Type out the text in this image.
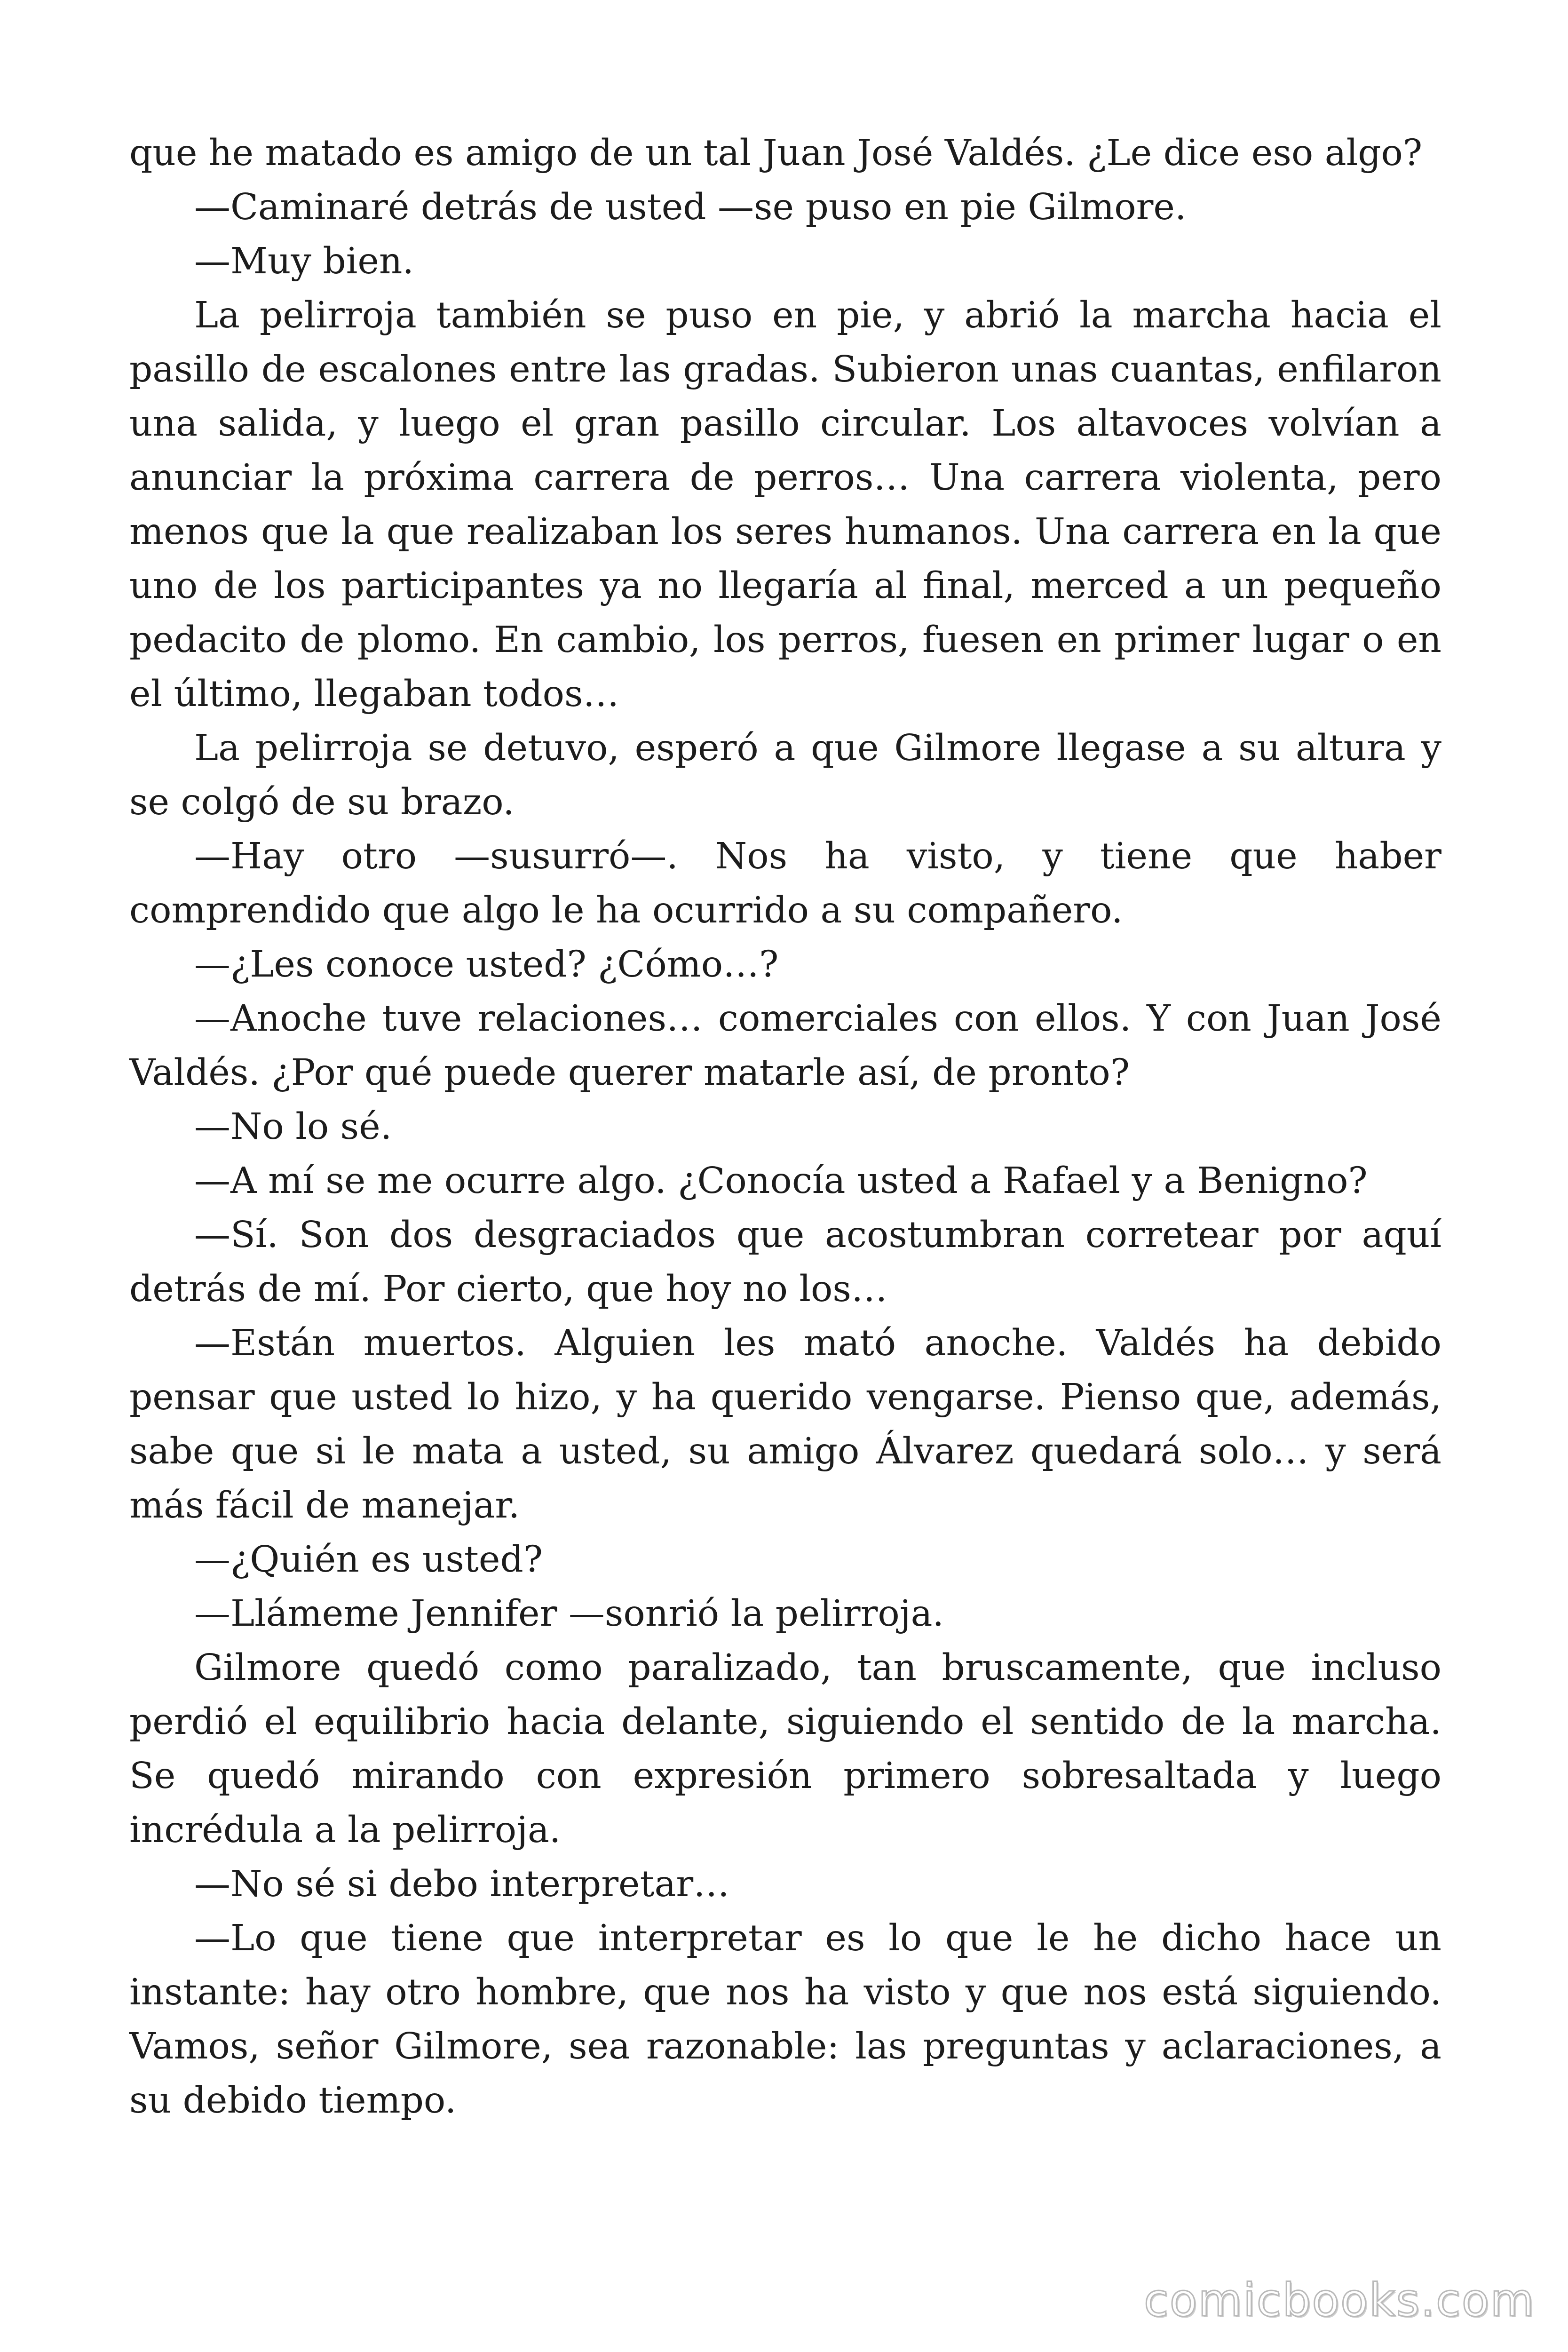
que he matado es amigo de un tal Juan José Valdés. ¿Le dice eso algo?

—Caminaré detrás de usted —se puso en pie Gilmore.

—Muy bien.

La pelirroja también se puso en pie, y abrió la marcha hacia el pasillo de escalones entre las gradas. Subieron unas cuantas, enfilaron una salida, y luego el gran pasillo circular. Los altavoces volvían a anunciar la próxima carrera de perros… Una carrera violenta, pero menos que la que realizaban los seres humanos. Una carrera en la que uno de los participantes ya no llegaría al final, merced a un pequeño pedacito de plomo. En cambio, los perros, fuesen en primer lugar o en el último, llegaban todos…

La pelirroja se detuvo, esperó a que Gilmore llegase a su altura y se colgó de su brazo.

—Hay otro —susurró—. Nos ha visto, y tiene que haber comprendido que algo le ha ocurrido a su compañero.

—¿Les conoce usted? ¿Cómo…?

—Anoche tuve relaciones… comerciales con ellos. Y con Juan José Valdés. ¿Por qué puede querer matarle así, de pronto?

—No lo sé.

—A mí se me ocurre algo. ¿Conocía usted a Rafael y a Benigno?

—Sí. Son dos desgraciados que acostumbran corretear por aquí detrás de mí. Por cierto, que hoy no los…

—Están muertos. Alguien les mató anoche. Valdés ha debido pensar que usted lo hizo, y ha querido vengarse. Pienso que, además, sabe que si le mata a usted, su amigo Álvarez quedará solo… y será más fácil de manejar.

—¿Quién es usted?

—Llámeme Jennifer —sonrió la pelirroja.

Gilmore quedó como paralizado, tan bruscamente, que incluso perdió el equilibrio hacia delante, siguiendo el sentido de la marcha. Se quedó mirando con expresión primero sobresaltada y luego incrédula a la pelirroja.

—No sé si debo interpretar…

—Lo que tiene que interpretar es lo que le he dicho hace un instante: hay otro hombre, que nos ha visto y que nos está siguiendo. Vamos, señor Gilmore, sea razonable: las preguntas y aclaraciones, a su debido tiempo.

comicbooks.com
